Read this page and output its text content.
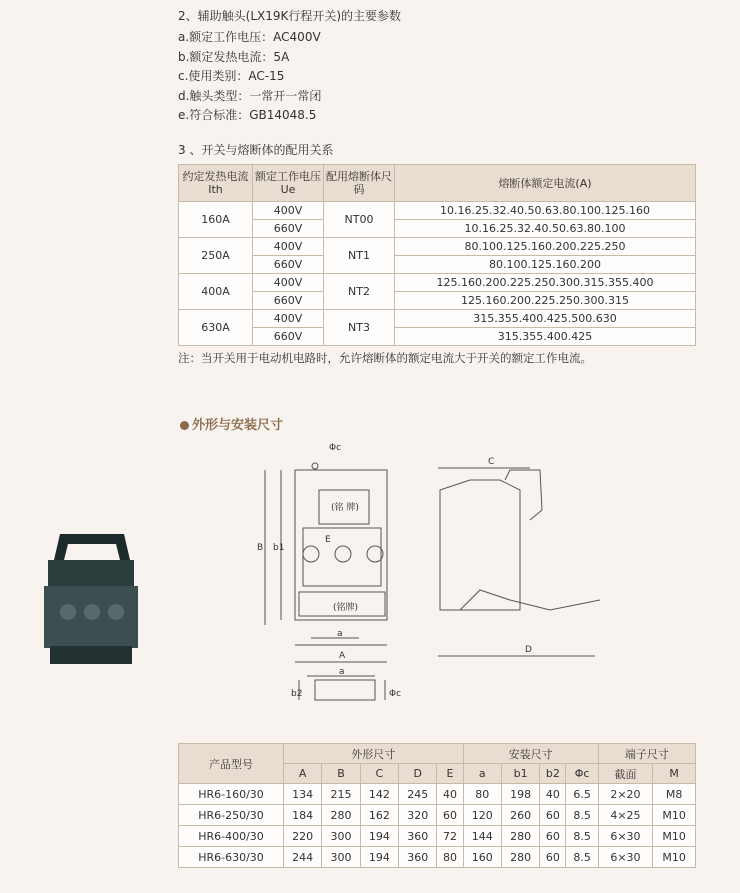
2、辅助触头(LX19K行程开关)的主要参数
a.额定工作电压：AC400V
b.额定发热电流：5A
c.使用类别：AC-15
d.触头类型：一常开一常闭
e.符合标准：GB14048.5
3 、开关与熔断体的配用关系
约定发热电流 Ith	额定工作电压 Ue	配用熔断体尺码	熔断体额定电流(A)
160A	400V	NT00	10.16.25.32.40.50.63.80.100.125.160
	660V		10.16.25.32.40.50.63.80.100
250A	400V	NT1	80.100.125.160.200.225.250
	660V		80.100.125.160.200
400A	400V	NT2	125.160.200.225.250.300.315.355.400
	660V		125.160.200.225.250.300.315
630A	400V	NT3	315.355.400.425.500.630
	660V		315.355.400.425
注：当开关用于电动机电路时，允许熔断体的额定电流大于开关的额定工作电流。
外形与安装尺寸
Φc
(铭 牌)
(铭牌)
B b1
E
a
A
a
b2	Φc
C
D
产品型号	外形尺寸					安装尺寸				端子尺寸	
	A	B	C	D	E	a	b1	b2	Φc	截面	M
HR6-160/30	134	215	142	245	40	80	198	40	6.5	2×20	M8
HR6-250/30	184	280	162	320	60	120	260	60	8.5	4×25	M10
HR6-400/30	220	300	194	360	72	144	280	60	8.5	6×30	M10
HR6-630/30	244	300	194	360	80	160	280	60	8.5	6×30	M10
